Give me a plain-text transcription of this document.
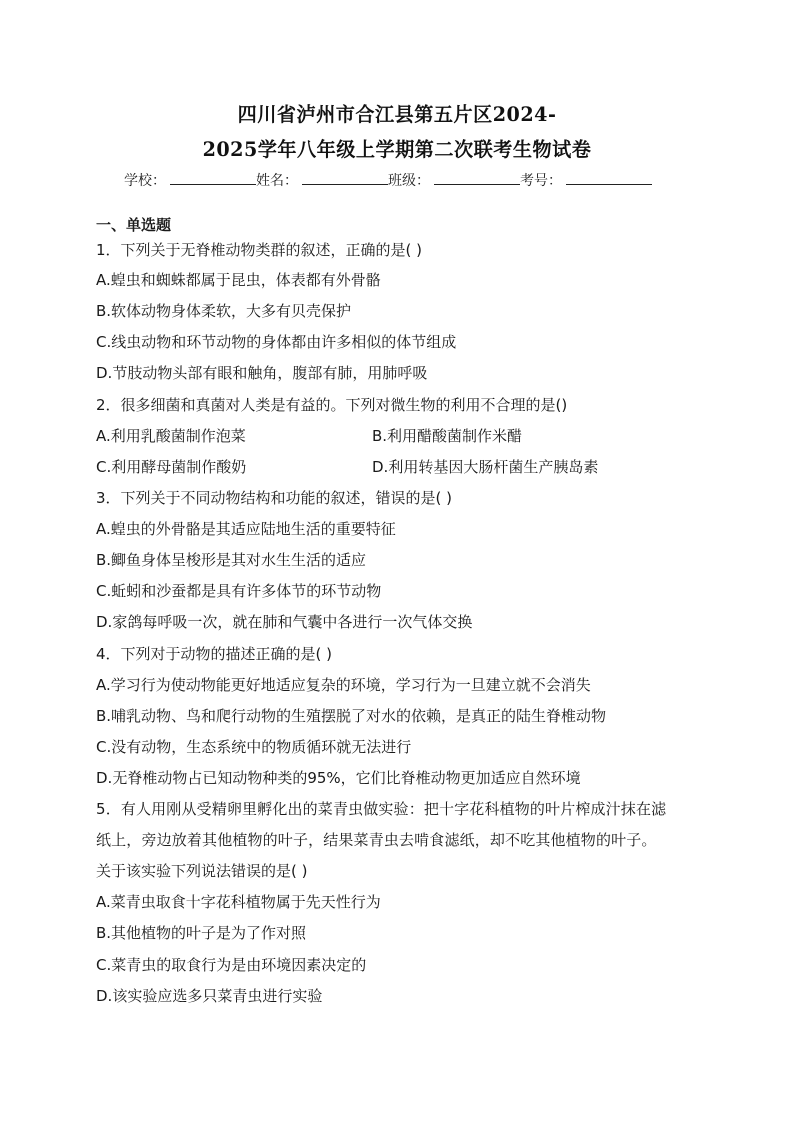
四川省泸州市合江县第五片区2024-
2025学年八年级上学期第二次联考生物试卷
学校：	姓名：	班级：	考号：
一、单选题
1．下列关于无脊椎动物类群的叙述，正确的是( )
A.蝗虫和蜘蛛都属于昆虫，体表都有外骨骼
B.软体动物身体柔软，大多有贝壳保护
C.线虫动物和环节动物的身体都由许多相似的体节组成
D.节肢动物头部有眼和触角，腹部有肺，用肺呼吸
2．很多细菌和真菌对人类是有益的。下列对微生物的利用不合理的是()
A.利用乳酸菌制作泡菜	B.利用醋酸菌制作米醋
C.利用酵母菌制作酸奶	D.利用转基因大肠杆菌生产胰岛素
3．下列关于不同动物结构和功能的叙述，错误的是( )
A.蝗虫的外骨骼是其适应陆地生活的重要特征
B.鲫鱼身体呈梭形是其对水生生活的适应
C.蚯蚓和沙蚕都是具有许多体节的环节动物
D.家鸽每呼吸一次，就在肺和气囊中各进行一次气体交换
4．下列对于动物的描述正确的是( )
A.学习行为使动物能更好地适应复杂的环境，学习行为一旦建立就不会消失
B.哺乳动物、鸟和爬行动物的生殖摆脱了对水的依赖，是真正的陆生脊椎动物
C.没有动物，生态系统中的物质循环就无法进行
D.无脊椎动物占已知动物种类的95%，它们比脊椎动物更加适应自然环境
5．有人用刚从受精卵里孵化出的菜青虫做实验：把十字花科植物的叶片榨成汁抹在滤
纸上，旁边放着其他植物的叶子，结果菜青虫去啃食滤纸，却不吃其他植物的叶子。
关于该实验下列说法错误的是( )
A.菜青虫取食十字花科植物属于先天性行为
B.其他植物的叶子是为了作对照
C.菜青虫的取食行为是由环境因素决定的
D.该实验应选多只菜青虫进行实验
